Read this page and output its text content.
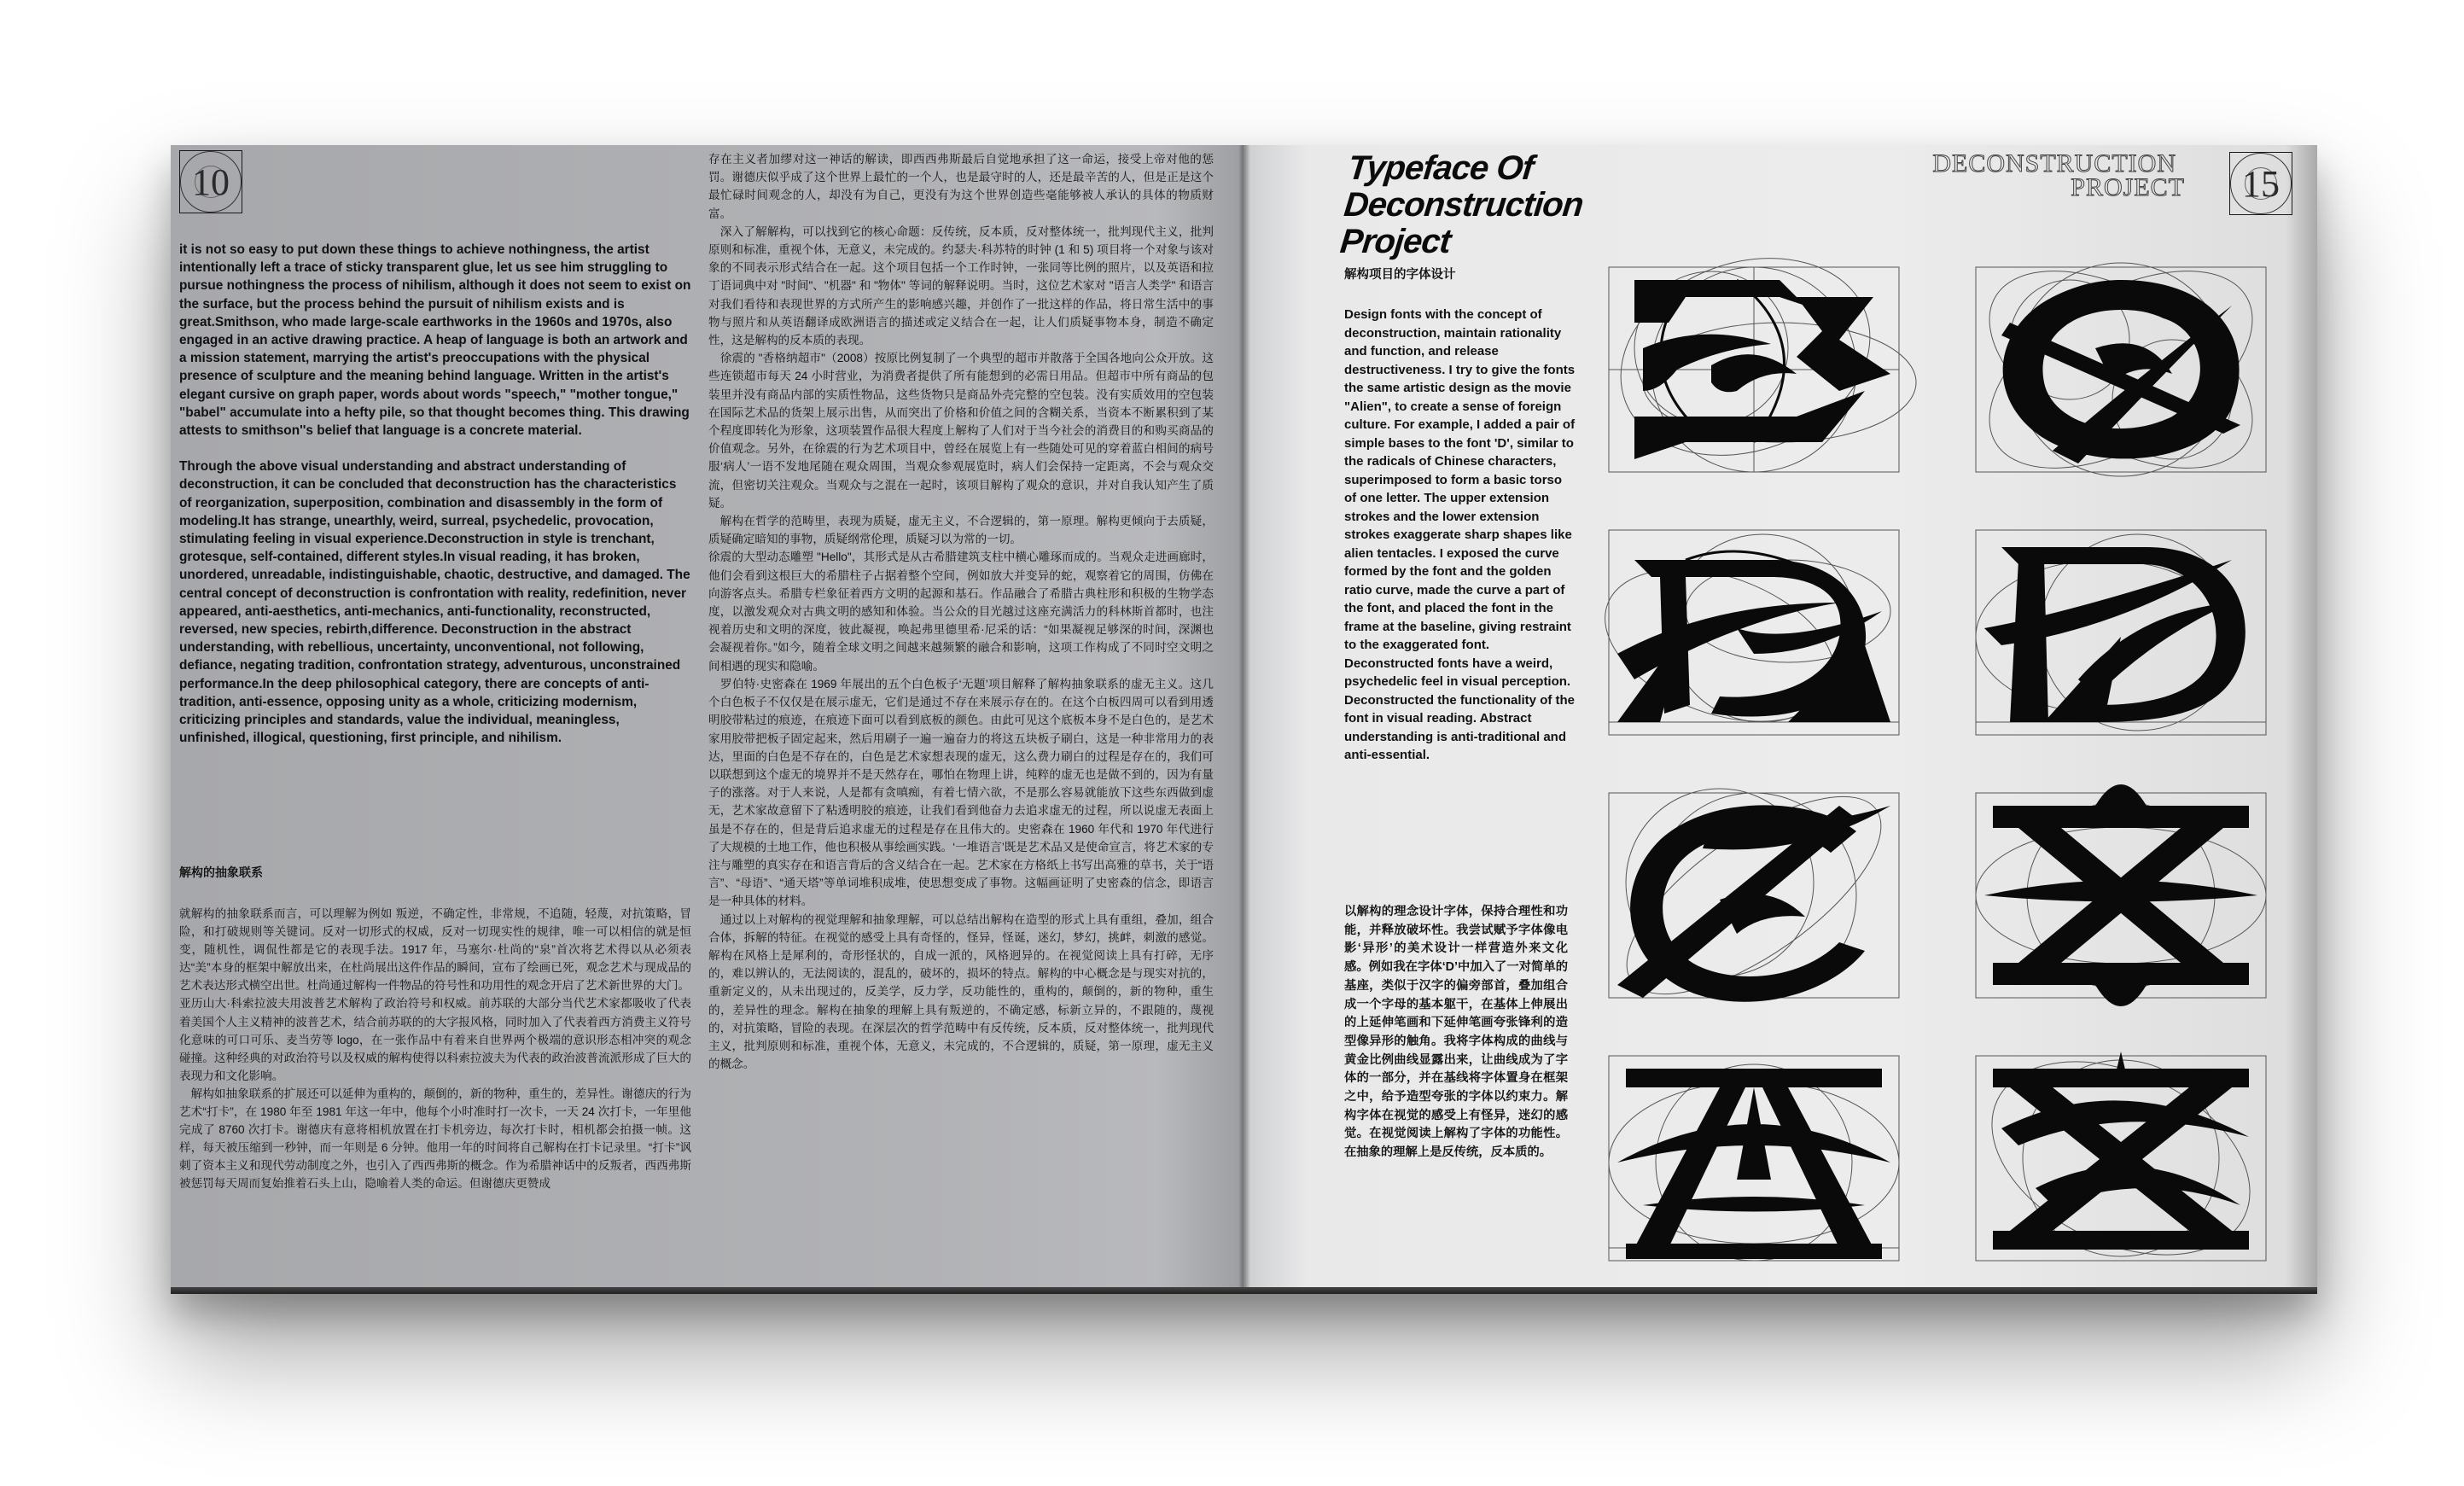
10

it is not so easy to put down these things to achieve nothingness, the artist intentionally left a trace of sticky transparent glue, let us see him struggling to pursue nothingness the process of nihilism, although it does not seem to exist on the surface, but the process behind the pursuit of nihilism exists and is great.Smithson, who made large-scale earthworks in the 1960s and 1970s, also engaged in an active drawing practice. A heap of language is both an artwork and a mission statement, marrying the artist's preoccupations with the physical presence of sculpture and the meaning behind language. Written in the artist's elegant cursive on graph paper, words about words "speech," "mother tongue," "babel" accumulate into a hefty pile, so that thought becomes thing. This drawing attests to smithson''s belief that language is a concrete material.

Through the above visual understanding and abstract understanding of deconstruction, it can be concluded that deconstruction has the characteristics of reorganization, superposition, combination and disassembly in the form of modeling.It has strange, unearthly, weird, surreal, psychedelic, provocation, stimulating feeling in visual experience.Deconstruction in style is trenchant, grotesque, self-contained, different styles.In visual reading, it has broken, unordered, unreadable, indistinguishable, chaotic, destructive, and damaged. The central concept of deconstruction is confrontation with reality, redefinition, never appeared, anti-aesthetics, anti-mechanics, anti-functionality, reconstructed, reversed, new species, rebirth,difference. Deconstruction in the abstract understanding, with rebellious, uncertainty, unconventional, not following, defiance, negating tradition, confrontation strategy, adventurous, unconstrained performance.In the deep philosophical category, there are concepts of anti-tradition, anti-essence, opposing unity as a whole, criticizing modernism, criticizing principles and standards, value the individual, meaningless, unfinished, illogical, questioning, first principle, and nihilism.

解构的抽象联系

就解构的抽象联系而言，可以理解为例如 叛逆，不确定性，非常规，不追随，轻蔑，对抗策略，冒险，和打破规则等关键词。反对一切形式的权威，反对一切现实性的规律，唯一可以相信的就是恒变，随机性，调侃性都是它的表现手法。1917 年，马塞尔·杜尚的“泉”首次将艺术得以从必须表达“美”本身的框架中解放出来，在杜尚展出这件作品的瞬间，宣布了绘画已死，观念艺术与现成品的艺术表达形式横空出世。杜尚通过解构一件物品的符号性和功用性的观念开启了艺术新世界的大门。

亚历山大·科索拉波夫用波普艺术解构了政治符号和权威。前苏联的大部分当代艺术家都吸收了代表着美国个人主义精神的波普艺术，结合前苏联的的大字报风格，同时加入了代表着西方消费主义符号化意味的可口可乐、麦当劳等 logo，在一张作品中有着来自世界两个极端的意识形态相冲突的观念碰撞。这种经典的对政治符号以及权威的解构使得以科索拉波夫为代表的政治波普流派形成了巨大的表现力和文化影响。

　解构如抽象联系的扩展还可以延伸为重构的，颠倒的，新的物种，重生的，差异性。谢德庆的行为艺术“打卡”，在 1980 年至 1981 年这一年中，他每个小时准时打一次卡，一天 24 次打卡，一年里他完成了 8760 次打卡。谢德庆有意将相机放置在打卡机旁边，每次打卡时，相机都会拍摄一帧。这样，每天被压缩到一秒钟，而一年则是 6 分钟。他用一年的时间将自己解构在打卡记录里。“打卡”讽刺了资本主义和现代劳动制度之外，也引入了西西弗斯的概念。作为希腊神话中的反叛者，西西弗斯被惩罚每天周而复始推着石头上山，隐喻着人类的命运。但谢德庆更赞成

存在主义者加缪对这一神话的解读，即西西弗斯最后自觉地承担了这一命运，接受上帝对他的惩罚。谢德庆似乎成了这个世界上最忙的一个人，也是最守时的人，还是最辛苦的人，但是正是这个最忙碌时间观念的人，却没有为自己，更没有为这个世界创造些毫能够被人承认的具体的物质财富。

　深入了解解构，可以找到它的核心命题：反传统，反本质，反对整体统一，批判现代主义，批判原则和标准，重视个体，无意义，未完成的。约瑟夫·科苏特的时钟 (1 和 5) 项目将一个对象与该对象的不同表示形式结合在一起。这个项目包括一个工作时钟，一张同等比例的照片，以及英语和拉丁语词典中对 "时间"、"机器" 和 "物体" 等词的解释说明。当时，这位艺术家对 "语言人类学" 和语言对我们看待和表现世界的方式所产生的影响感兴趣，并创作了一批这样的作品，将日常生活中的事物与照片和从英语翻译成欧洲语言的描述或定义结合在一起，让人们质疑事物本身，制造不确定性，这是解构的反本质的表现。

　徐震的 "香格纳超市"（2008）按原比例复制了一个典型的超市并散落于全国各地向公众开放。这些连锁超市每天 24 小时营业，为消费者提供了所有能想到的必需日用品。但超市中所有商品的包装里并没有商品内部的实质性物品，这些货物只是商品外壳完整的空包装。没有实质效用的空包装在国际艺术品的货架上展示出售，从而突出了价格和价值之间的含糊关系，当资本不断累积到了某个程度即转化为形象，这项装置作品很大程度上解构了人们对于当今社会的消费目的和购买商品的价值观念。另外，在徐震的行为艺术项目中，曾经在展览上有一些随处可见的穿着蓝白相间的病号服‘病人’一语不发地尾随在观众周围，当观众参观展览时，病人们会保持一定距离，不会与观众交流，但密切关注观众。当观众与之混在一起时，该项目解构了观众的意识，并对自我认知产生了质疑。

　解构在哲学的范畴里，表现为质疑，虚无主义，不合逻辑的，第一原理。解构更倾向于去质疑，质疑确定暗知的事物，质疑纲常伦理，质疑习以为常的一切。

徐震的大型动态雕塑 "Hello"，其形式是从古希腊建筑支柱中横心雕琢而成的。当观众走进画廊时，他们会看到这根巨大的希腊柱子占据着整个空间，例如放大并变异的蛇，观察着它的周围，仿佛在向游客点头。希腊专栏象征着西方文明的起源和基石。作品融合了希腊古典柱形和积极的生物学态度，以激发观众对古典文明的感知和体验。当公众的目光越过这座充满活力的科林斯首都时，也注视着历史和文明的深度，彼此凝视，唤起弗里德里希·尼采的话：“如果凝视足够深的时间，深渊也会凝视着你。”如今，随着全球文明之间越来越频繁的融合和影响，这项工作构成了不同时空文明之间相遇的现实和隐喻。

　罗伯特·史密森在 1969 年展出的五个白色板子‘无题’项目解释了解构抽象联系的虚无主义。这几个白色板子不仅仅是在展示虚无，它们是通过不存在来展示存在的。在这个白板四周可以看到用透明胶带粘过的痕迹，在痕迹下面可以看到底板的颜色。由此可见这个底板本身不是白色的，是艺术家用胶带把板子固定起来，然后用刷子一遍一遍奋力的将这五块板子刷白，这是一种非常用力的表达，里面的白色是不存在的，白色是艺术家想表现的虚无，这么费力刷白的过程是存在的，我们可以联想到这个虚无的境界并不是天然存在，哪怕在物理上讲，纯粹的虚无也是做不到的，因为有量子的涨落。对于人来说，人是都有贪嗔痴，有着七情六欲，不是那么容易就能放下这些东西做到虚无，艺术家故意留下了粘透明胶的痕迹，让我们看到他奋力去追求虚无的过程，所以说虚无表面上虽是不存在的，但是背后追求虚无的过程是存在且伟大的。史密森在 1960 年代和 1970 年代进行了大规模的土地工作，他也积极从事绘画实践。‘一堆语言’既是艺术品又是使命宣言，将艺术家的专注与雕塑的真实存在和语言背后的含义结合在一起。艺术家在方格纸上书写出高雅的草书，关于“语言”、“母语”、“通天塔”等单词堆积成堆，使思想变成了事物。这幅画证明了史密森的信念，即语言是一种具体的材料。

　通过以上对解构的视觉理解和抽象理解，可以总结出解构在造型的形式上具有重组，叠加，组合合体，拆解的特征。在视觉的感受上具有奇怪的，怪异，怪诞，迷幻，梦幻，挑衅，刺激的感觉。解构在风格上是犀利的，奇形怪状的，自成一派的，风格迥异的。在视觉阅读上具有打碎，无序的，难以辨认的，无法阅读的，混乱的，破坏的，损坏的特点。解构的中心概念是与现实对抗的，重新定义的，从未出现过的，反美学，反力学，反功能性的，重构的，颠倒的，新的物种，重生的，差异性的理念。解构在抽象的理解上具有叛逆的，不确定感，标新立异的，不跟随的，蔑视的，对抗策略，冒险的表现。在深层次的哲学范畴中有反传统，反本质，反对整体统一，批判现代主义，批判原则和标准，重视个体，无意义，未完成的，不合逻辑的，质疑，第一原理，虚无主义的概念。

Typeface Of
Deconstruction
Project
DECONSTRUCTION
PROJECT 15
解构项目的字体设计
Design fonts with the concept of deconstruction, maintain rationality and function, and release destructiveness. I try to give the fonts the same artistic design as the movie "Alien", to create a sense of foreign culture. For example, I added a pair of simple bases to the font 'D', similar to the radicals of Chinese characters, superimposed to form a basic torso of one letter. The upper extension strokes and the lower extension strokes exaggerate sharp shapes like alien tentacles. I exposed the curve formed by the font and the golden ratio curve, made the curve a part of the font, and placed the font in the frame at the baseline, giving restraint to the exaggerated font. Deconstructed fonts have a weird, psychedelic feel in visual perception. Deconstructed the functionality of the font in visual reading. Abstract understanding is anti-traditional and anti-essential.
以解构的理念设计字体，保持合理性和功能，并释放破坏性。我尝试赋予字体像电影‘异形’的美术设计一样营造外来文化感。例如我在字体‘D’中加入了一对简单的基座，类似于汉字的偏旁部首，叠加组合成一个字母的基本躯干，在基体上伸展出的上延伸笔画和下延伸笔画夸张锋利的造型像异形的触角。我将字体构成的曲线与黄金比例曲线显露出来，让曲线成为了字体的一部分，并在基线将字体置身在框架之中，给予造型夸张的字体以约束力。解构字体在视觉的感受上有怪异，迷幻的感觉。在视觉阅读上解构了字体的功能性。在抽象的理解上是反传统，反本质的。
